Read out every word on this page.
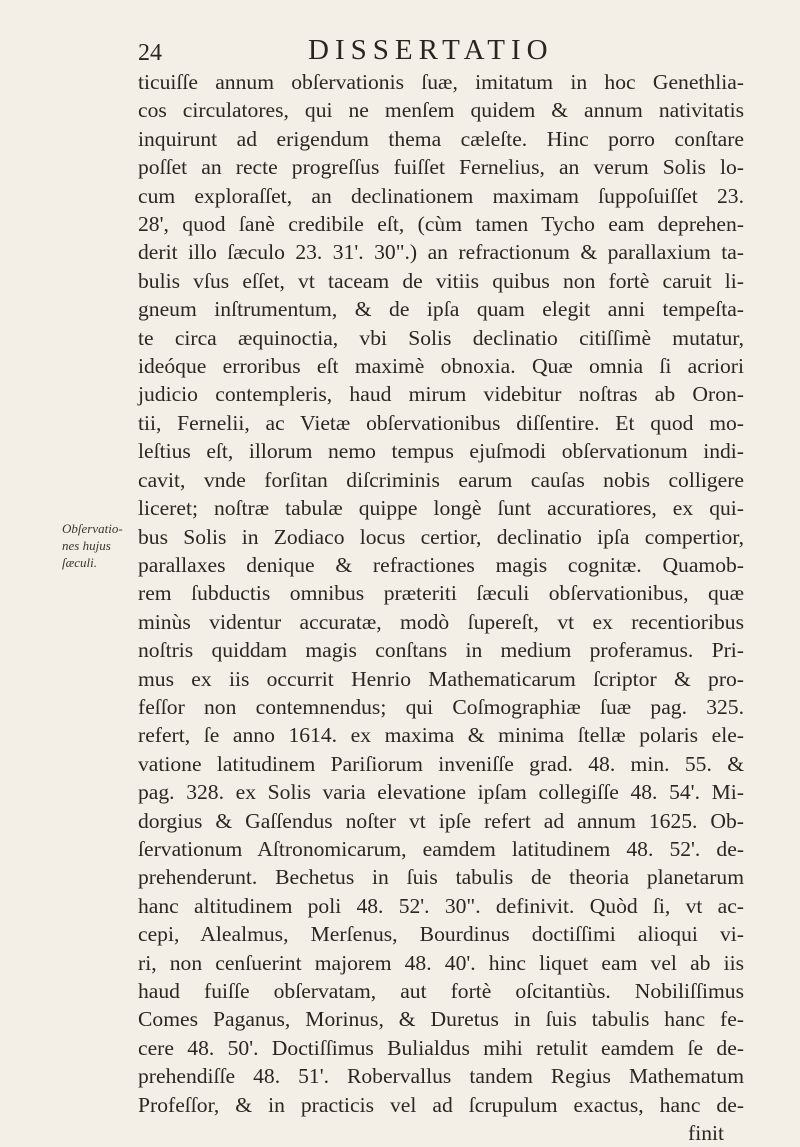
24	DISSERTATIO
Obſervatio-
nes hujus
ſæculi.
ticuiſſe annum obſervationis ſuæ, imitatum in hoc Genethlia-
cos circulatores, qui ne menſem quidem & annum nativitatis
inquirunt ad erigendum thema cæleſte. Hinc porro conſtare
poſſet an recte progreſſus fuiſſet Fernelius, an verum Solis lo-
cum exploraſſet, an declinationem maximam ſuppoſuiſſet 23.
28', quod ſanè credibile eſt, (cùm tamen Tycho eam deprehen-
derit illo ſæculo 23. 31'. 30".) an refractionum & parallaxium ta-
bulis vſus eſſet, vt taceam de vitiis quibus non fortè caruit li-
gneum inſtrumentum, & de ipſa quam elegit anni tempeſta-
te circa æquinoctia, vbi Solis declinatio citiſſimè mutatur,
ideóque erroribus eſt maximè obnoxia. Quæ omnia ſi acriori
judicio contempleris, haud mirum videbitur noſtras ab Oron-
tii, Fernelii, ac Vietæ obſervationibus diſſentire. Et quod mo-
leſtius eſt, illorum nemo tempus ejuſmodi obſervationum indi-
cavit, vnde forſitan diſcriminis earum cauſas nobis colligere
liceret; noſtræ tabulæ quippe longè ſunt accuratiores, ex qui-
bus Solis in Zodiaco locus certior, declinatio ipſa compertior,
parallaxes denique & refractiones magis cognitæ. Quamob-
rem ſubductis omnibus præteriti ſæculi obſervationibus, quæ
minùs videntur accuratæ, modò ſupereſt, vt ex recentioribus
noſtris quiddam magis conſtans in medium proferamus. Pri-
mus ex iis occurrit Henrio Mathematicarum ſcriptor & pro-
feſſor non contemnendus; qui Coſmographiæ ſuæ pag. 325.
refert, ſe anno 1614. ex maxima & minima ſtellæ polaris ele-
vatione latitudinem Pariſiorum inveniſſe grad. 48. min. 55. &
pag. 328. ex Solis varia elevatione ipſam collegiſſe 48. 54'. Mi-
dorgius & Gaſſendus noſter vt ipſe refert ad annum 1625. Ob-
ſervationum Aſtronomicarum, eamdem latitudinem 48. 52'. de-
prehenderunt. Bechetus in ſuis tabulis de theoria planetarum
hanc altitudinem poli 48. 52'. 30". definivit. Quòd ſi, vt ac-
cepi, Alealmus, Merſenus, Bourdinus doctiſſimi alioqui vi-
ri, non cenſuerint majorem 48. 40'. hinc liquet eam vel ab iis
haud fuiſſe obſervatam, aut fortè oſcitantiùs. Nobiliſſimus
Comes Paganus, Morinus, & Duretus in ſuis tabulis hanc fe-
cere 48. 50'. Doctiſſimus Bulialdus mihi retulit eamdem ſe de-
prehendiſſe 48. 51'. Robervallus tandem Regius Mathematum
Profeſſor, & in practicis vel ad ſcrupulum exactus, hanc de-
finit
